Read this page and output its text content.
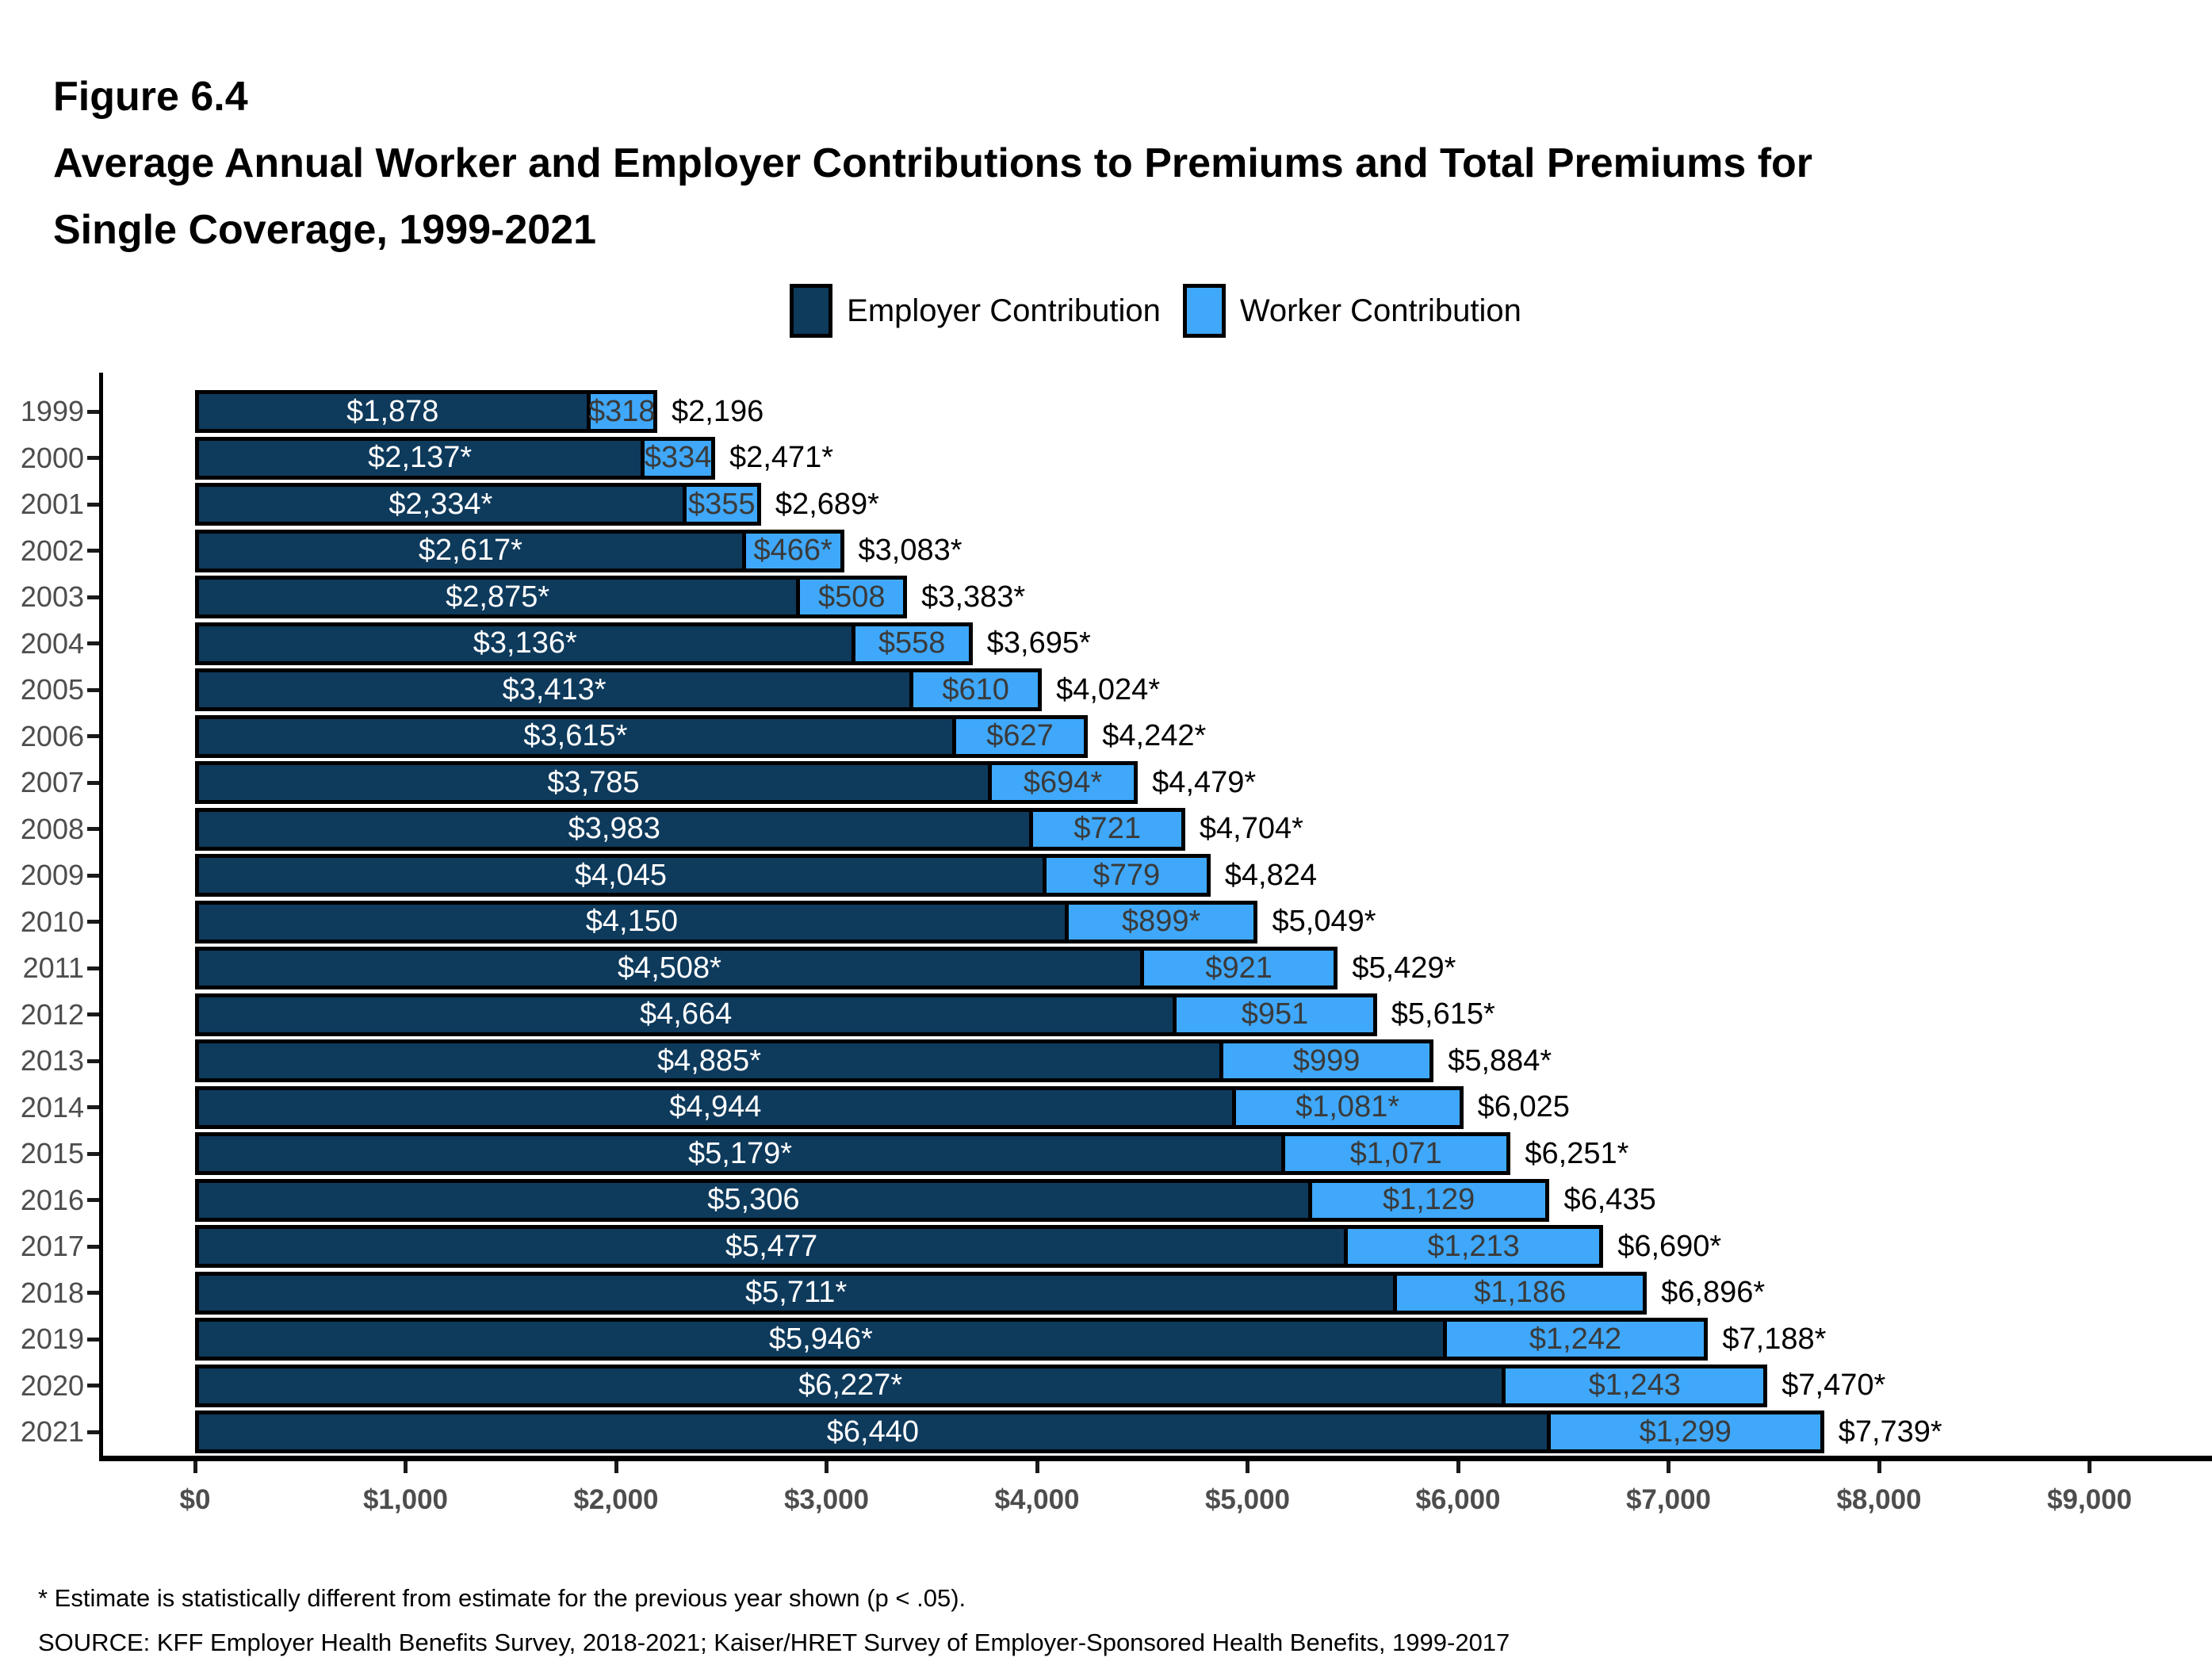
Figure 6.4
Average Annual Worker and Employer Contributions to Premiums and Total Premiums for
Single Coverage, 1999-2021
Employer Contribution	Worker Contribution
1999	$1,878	$318 $2,196
2000	$2,137*	$334 $2,471*
2001	$2,334*	$355 $2,689*
2002	$2,617*	$466* $3,083*
2003	$2,875*	$508	$3,383*
2004	$3,136*	$558	$3,695*
2005	$3,413*	$610	$4,024*
2006	$3,615*	$627	$4,242*
2007	$3,785	$694*	$4,479*
2008	$3,983	$721	$4,704*
2009	$4,045	$779	$4,824
2010	$4,150	$899*	$5,049*
2011	$4,508*	$921	$5,429*
2012	$4,664	$951	$5,615*
2013	$4,885*	$999	$5,884*
2014	$4,944	$1,081*	$6,025
2015	$5,179*	$1,071	$6,251*
2016	$5,306	$1,129	$6,435
2017	$5,477	$1,213	$6,690*
2018	$5,711*	$1,186	$6,896*
2019	$5,946*	$1,242	$7,188*
2020	$6,227*	$1,243	$7,470*
2021	$6,440	$1,299	$7,739*
$0	$1,000	$2,000	$3,000	$4,000	$5,000	$6,000	$7,000	$8,000	$9,000
* Estimate is statistically different from estimate for the previous year shown (p < .05).
SOURCE: KFF Employer Health Benefits Survey, 2018-2021; Kaiser/HRET Survey of Employer-Sponsored Health Benefits, 1999-2017
